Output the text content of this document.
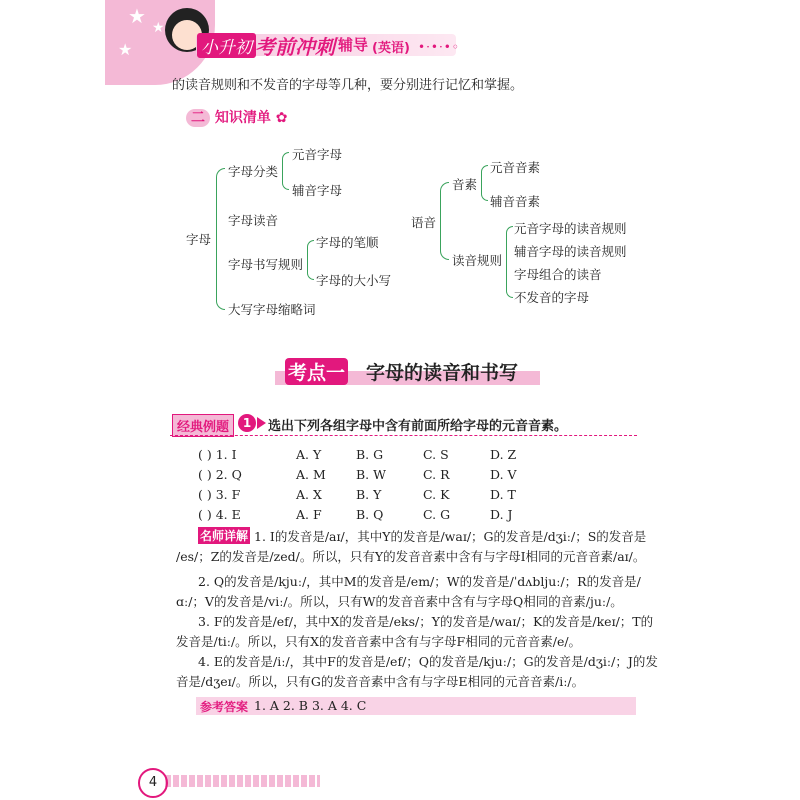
★ ★
★	小升初 考前冲刺 辅导 (英语) •·•·•◦
的读音规则和不发音的字母等几种，要分别进行记忆和掌握。
二 知识清单 ✿
字母
字母分类
元音字母
辅音字母
字母读音
字母书写规则
字母的笔顺
字母的大小写
大写字母缩略词
语音
音素
元音音素
辅音音素
读音规则
元音字母的读音规则
辅音字母的读音规则
字母组合的读音
不发音的字母
考点一 字母的读音和书写
经典例题	1	选出下列各组字母中含有前面所给字母的元音音素。
( ) 1. I	A. Y	B. G	C. S	D. Z
( ) 2. Q	A. M B. W	C. R	D. V
( ) 3. F	A. X	B. Y	C. K	D. T
( ) 4. E	A. F	B. Q	C. G	D. J
名师详解 1. I的发音是/aɪ/，其中Y的发音是/waɪ/；G的发音是/dʒiː/；S的发音是
/es/；Z的发音是/zed/。所以，只有Y的发音音素中含有与字母I相同的元音音素/aɪ/。
2. Q的发音是/kjuː/，其中M的发音是/em/；W的发音是/ˈdʌbljuː/；R的发音是/
ɑː/；V的发音是/viː/。所以，只有W的发音音素中含有与字母Q相同的音素/juː/。
3. F的发音是/ef/，其中X的发音是/eks/；Y的发音是/waɪ/；K的发音是/keɪ/；T的
发音是/tiː/。所以，只有X的发音音素中含有与字母F相同的元音音素/e/。
4. E的发音是/iː/，其中F的发音是/ef/；Q的发音是/kjuː/；G的发音是/dʒiː/；J的发
音是/dʒeɪ/。所以，只有G的发音音素中含有与字母E相同的元音音素/iː/。
参考答案 1. A 2. B 3. A 4. C
4
